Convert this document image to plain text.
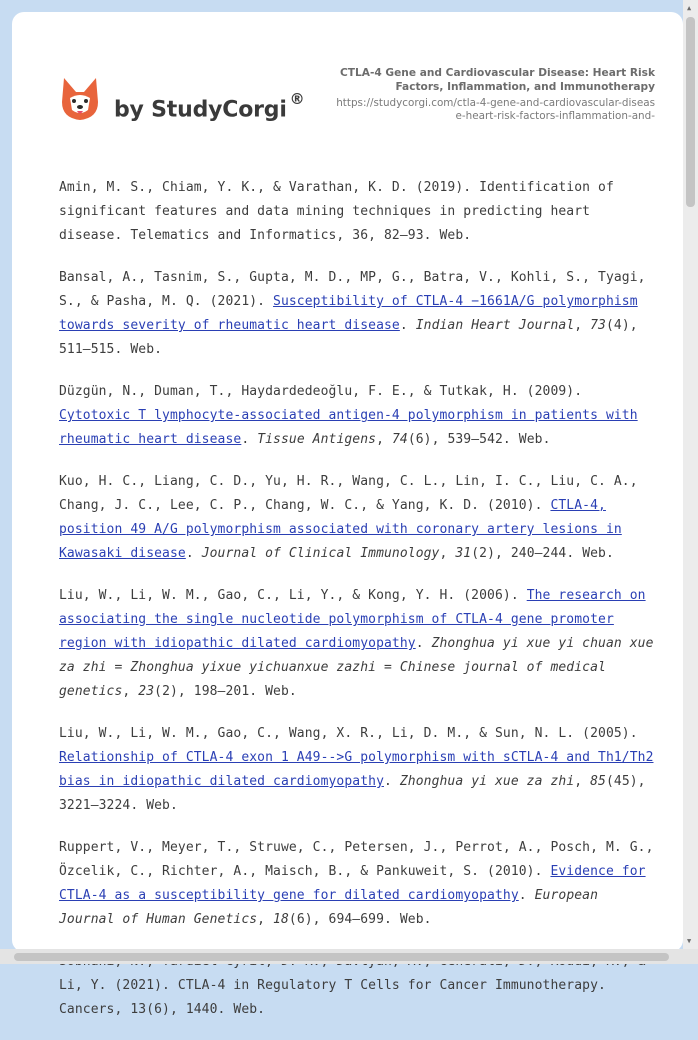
by StudyCorgi ®
CTLA-4 Gene and Cardiovascular Disease: Heart Risk Factors, Inflammation, and Immunotherapy
https://studycorgi.com/ctla-4-gene-and-cardiovascular-disease-heart-risk-factors-inflammation-and-

Amin, M. S., Chiam, Y. K., & Varathan, K. D. (2019). Identification of significant features and data mining techniques in predicting heart disease. Telematics and Informatics, 36, 82–93. Web.

Bansal, A., Tasnim, S., Gupta, M. D., MP, G., Batra, V., Kohli, S., Tyagi, S., & Pasha, M. Q. (2021). Susceptibility of CTLA-4 −1661A/G polymorphism towards severity of rheumatic heart disease. Indian Heart Journal, 73(4), 511–515. Web.

Düzgün, N., Duman, T., Haydardedeoğlu, F. E., & Tutkak, H. (2009). Cytotoxic T lymphocyte-associated antigen-4 polymorphism in patients with rheumatic heart disease. Tissue Antigens, 74(6), 539–542. Web.

Kuo, H. C., Liang, C. D., Yu, H. R., Wang, C. L., Lin, I. C., Liu, C. A., Chang, J. C., Lee, C. P., Chang, W. C., & Yang, K. D. (2010). CTLA-4, position 49 A/G polymorphism associated with coronary artery lesions in Kawasaki disease. Journal of Clinical Immunology, 31(2), 240–244. Web.

Liu, W., Li, W. M., Gao, C., Li, Y., & Kong, Y. H. (2006). The research on associating the single nucleotide polymorphism of CTLA-4 gene promoter region with idiopathic dilated cardiomyopathy. Zhonghua yi xue yi chuan xue za zhi = Zhonghua yixue yichuanxue zazhi = Chinese journal of medical genetics, 23(2), 198–201. Web.

Liu, W., Li, W. M., Gao, C., Wang, X. R., Li, D. M., & Sun, N. L. (2005). Relationship of CTLA-4 exon 1 A49-->G polymorphism with sCTLA-4 and Th1/Th2 bias in idiopathic dilated cardiomyopathy. Zhonghua yi xue za zhi, 85(45), 3221–3224. Web.

Ruppert, V., Meyer, T., Struwe, C., Petersen, J., Perrot, A., Posch, M. G., Özcelik, C., Richter, A., Maisch, B., & Pankuweit, S. (2010). Evidence for CTLA-4 as a susceptibility gene for dilated cardiomyopathy. European Journal of Human Genetics, 18(6), 694–699. Web.

Li, Y. (2021). CTLA-4 in Regulatory T Cells for Cancer Immunotherapy. Cancers, 13(6), 1440. Web.

▲
▼
